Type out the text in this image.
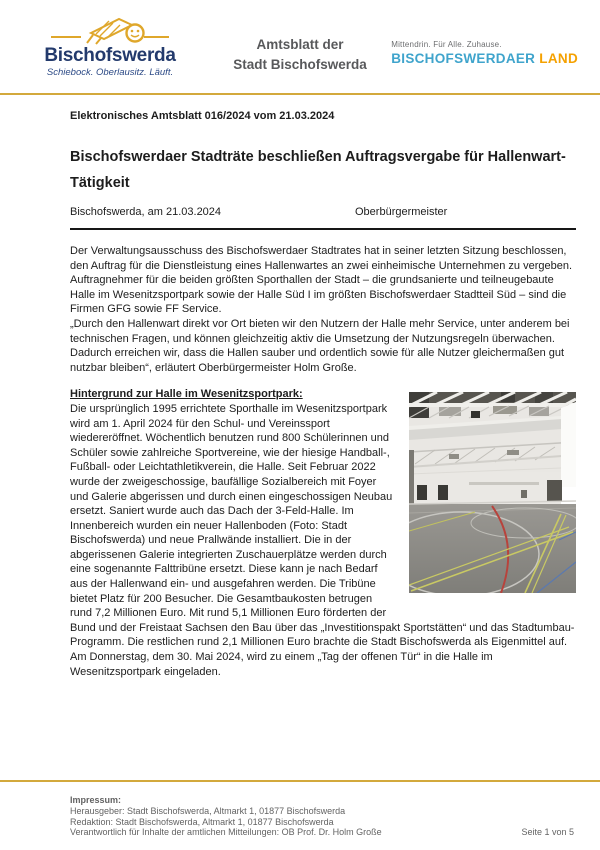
Bischofswerda
Schiebock. Oberlausitz. Läuft.
Amtsblatt der
Stadt Bischofswerda
Mittendrin. Für Alle. Zuhause.
BISCHOFSWERDAER LAND
Elektronisches Amtsblatt 016/2024 vom 21.03.2024
Bischofswerdaer Stadträte beschließen Auftragsvergabe für Hallenwart-
Tätigkeit
Bischofswerda, am 21.03.2024	Oberbürgermeister

Der Verwaltungsausschuss des Bischofswerdaer Stadtrates hat in seiner letzten Sitzung beschlossen, den Auftrag für die Dienstleistung eines Hallenwartes an zwei einheimische Unternehmen zu vergeben. Auftragnehmer für die beiden größten Sporthallen der Stadt – die grundsanierte und teilneugebaute Halle im Wesenitzsportpark sowie der Halle Süd I im größten Bischofswerdaer Stadtteil Süd – sind die Firmen GFG sowie FF Service.

„Durch den Hallenwart direkt vor Ort bieten wir den Nutzern der Halle mehr Service, unter anderem bei technischen Fragen, und können gleichzeitig aktiv die Umsetzung der Nutzungsregeln überwachen. Dadurch erreichen wir, dass die Hallen sauber und ordentlich sowie für alle Nutzer gleichermaßen gut nutzbar bleiben“, erläutert Oberbürgermeister Holm Große.

Hintergrund zur Halle im Wesenitzsportpark:

Die ursprünglich 1995 errichtete Sporthalle im Wesenitzsportpark wird am 1. April 2024 für den Schul- und Vereinssport wiedereröffnet. Wöchentlich benutzen rund 800 Schülerinnen und Schüler sowie zahlreiche Sportvereine, wie der hiesige Handball-, Fußball- oder Leichtathletikverein, die Halle. Seit Februar 2022 wurde der zweigeschossige, baufällige Sozialbereich mit Foyer und Galerie abgerissen und durch einen eingeschossigen Neubau ersetzt. Saniert wurde auch das Dach der 3-Feld-Halle. Im Innenbereich wurden ein neuer Hallenboden (Foto: Stadt Bischofswerda) und neue Prallwände installiert. Die in der abgerissenen Galerie integrierten Zuschauerplätze werden durch eine sogenannte Falttribüne ersetzt. Diese kann je nach Bedarf aus der Hallenwand ein- und ausgefahren werden. Die Tribüne bietet Platz für 200 Besucher. Die Gesamtbaukosten betrugen rund 7,2 Millionen Euro. Mit rund 5,1 Millionen Euro förderten der Bund und der Freistaat Sachsen den Bau über das „Investitionspakt Sportstätten“ und das Stadtumbau-Programm. Die restlichen rund 2,1 Millionen Euro brachte die Stadt Bischofswerda als Eigenmittel auf.

Am Donnerstag, dem 30. Mai 2024, wird zu einem „Tag der offenen Tür“ in die Halle im Wesenitzsportpark eingeladen.

Impressum:
Herausgeber: Stadt Bischofswerda, Altmarkt 1, 01877 Bischofswerda
Redaktion: Stadt Bischofswerda, Altmarkt 1, 01877 Bischofswerda
Verantwortlich für Inhalte der amtlichen Mitteilungen: OB Prof. Dr. Holm Große	Seite 1 von 5
